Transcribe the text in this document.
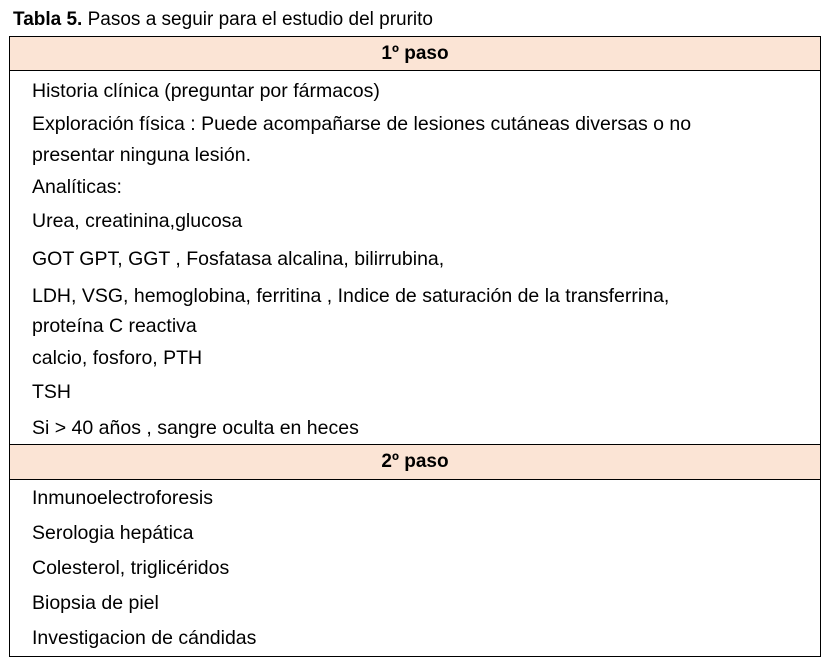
Tabla 5. Pasos a seguir para el estudio del prurito
1º paso
Historia clínica (preguntar por fármacos)
Exploración física : Puede acompañarse de lesiones cutáneas diversas o no
presentar ninguna lesión.
Analíticas:
Urea, creatinina,glucosa
GOT GPT, GGT , Fosfatasa alcalina, bilirrubina,
LDH, VSG, hemoglobina, ferritina , Indice de saturación de la transferrina,
proteína C reactiva
calcio, fosforo, PTH
TSH
Si > 40 años , sangre oculta en heces
2º paso
Inmunoelectroforesis
Serologia hepática
Colesterol, triglicéridos
Biopsia de piel
Investigacion de cándidas
